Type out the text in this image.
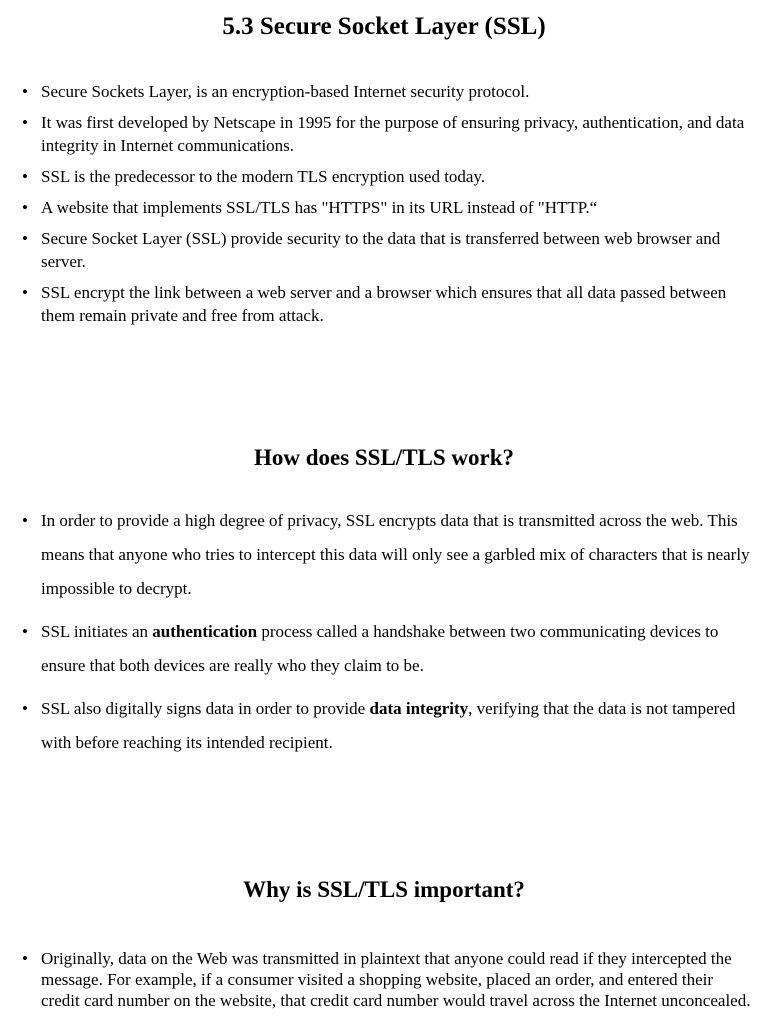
5.3 Secure Socket Layer (SSL)
• Secure Sockets Layer, is an encryption-based Internet security protocol.
• It was first developed by Netscape in 1995 for the purpose of ensuring privacy, authentication, and data integrity in Internet communications.
• SSL is the predecessor to the modern TLS encryption used today.
• A website that implements SSL/TLS has "HTTPS" in its URL instead of "HTTP.“
• Secure Socket Layer (SSL) provide security to the data that is transferred between web browser and server.
• SSL encrypt the link between a web server and a browser which ensures that all data passed between them remain private and free from attack.
How does SSL/TLS work?
• In order to provide a high degree of privacy, SSL encrypts data that is transmitted across the web. This means that anyone who tries to intercept this data will only see a garbled mix of characters that is nearly impossible to decrypt.
• SSL initiates an authentication process called a handshake between two communicating devices to ensure that both devices are really who they claim to be.
• SSL also digitally signs data in order to provide data integrity, verifying that the data is not tampered with before reaching its intended recipient.
Why is SSL/TLS important?
• Originally, data on the Web was transmitted in plaintext that anyone could read if they intercepted the message. For example, if a consumer visited a shopping website, placed an order, and entered their credit card number on the website, that credit card number would travel across the Internet unconcealed.
